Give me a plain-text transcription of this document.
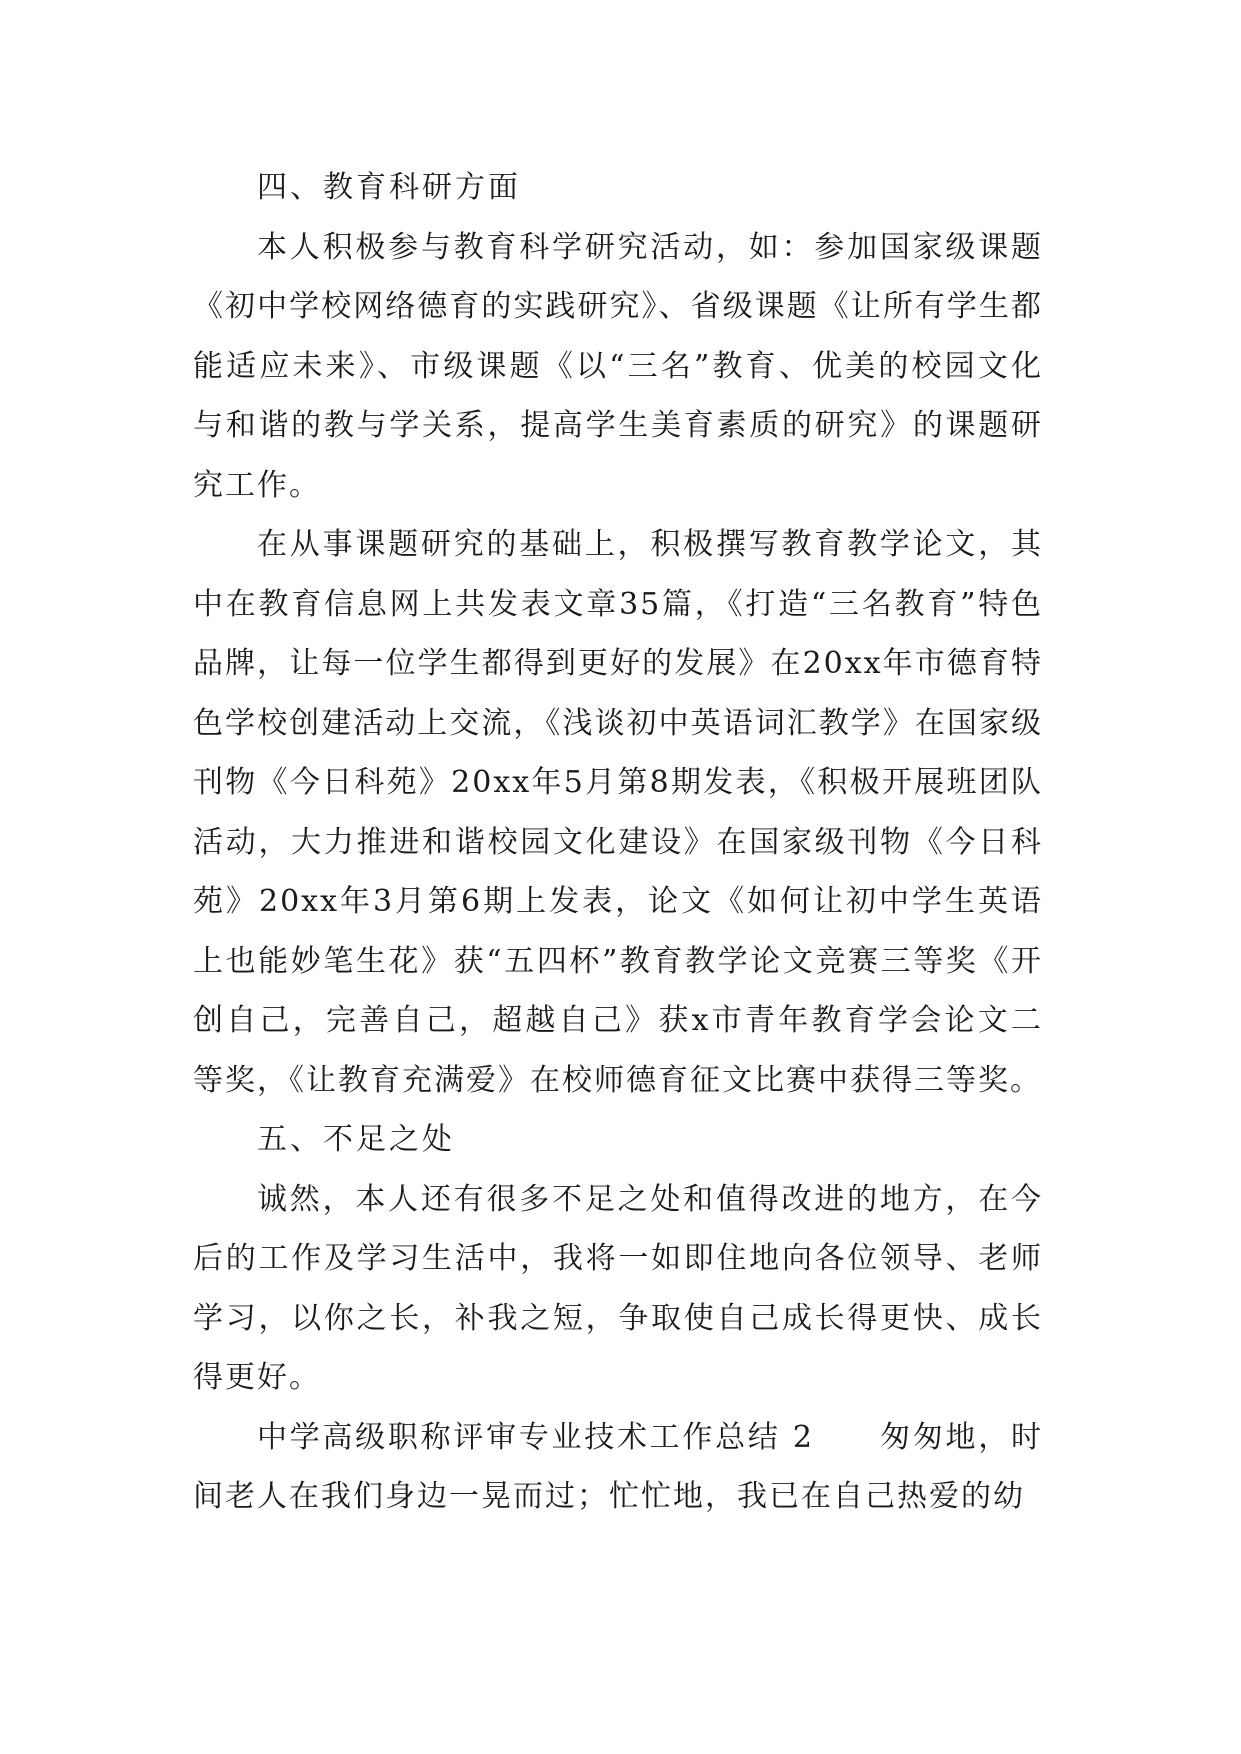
四、教育科研方面

本人积极参与教育科学研究活动，如：参加国家级课题《初中学校网络德育的实践研究》、省级课题《让所有学生都能适应未来》、市级课题《以“三名”教育、优美的校园文化与和谐的教与学关系，提高学生美育素质的研究》的课题研究工作。

在从事课题研究的基础上，积极撰写教育教学论文，其中在教育信息网上共发表文章35篇，《打造“三名教育”特色品牌，让每一位学生都得到更好的发展》在20xx年市德育特色学校创建活动上交流，《浅谈初中英语词汇教学》在国家级刊物《今日科苑》20xx年5月第8期发表，《积极开展班团队活动，大力推进和谐校园文化建设》在国家级刊物《今日科苑》20xx年3月第6期上发表，论文《如何让初中学生英语上也能妙笔生花》获“五四杯”教育教学论文竞赛三等奖《开创自己，完善自己，超越自己》获x市青年教育学会论文二等奖，《让教育充满爱》在校师德育征文比赛中获得三等奖。

五、不足之处

诚然，本人还有很多不足之处和值得改进的地方，在今后的工作及学习生活中，我将一如即住地向各位领导、老师学习，以你之长，补我之短，争取使自己成长得更快、成长得更好。

中学高级职称评审专业技术工作总结 2　　匆匆地，时间老人在我们身边一晃而过；忙忙地，我已在自己热爱的幼
